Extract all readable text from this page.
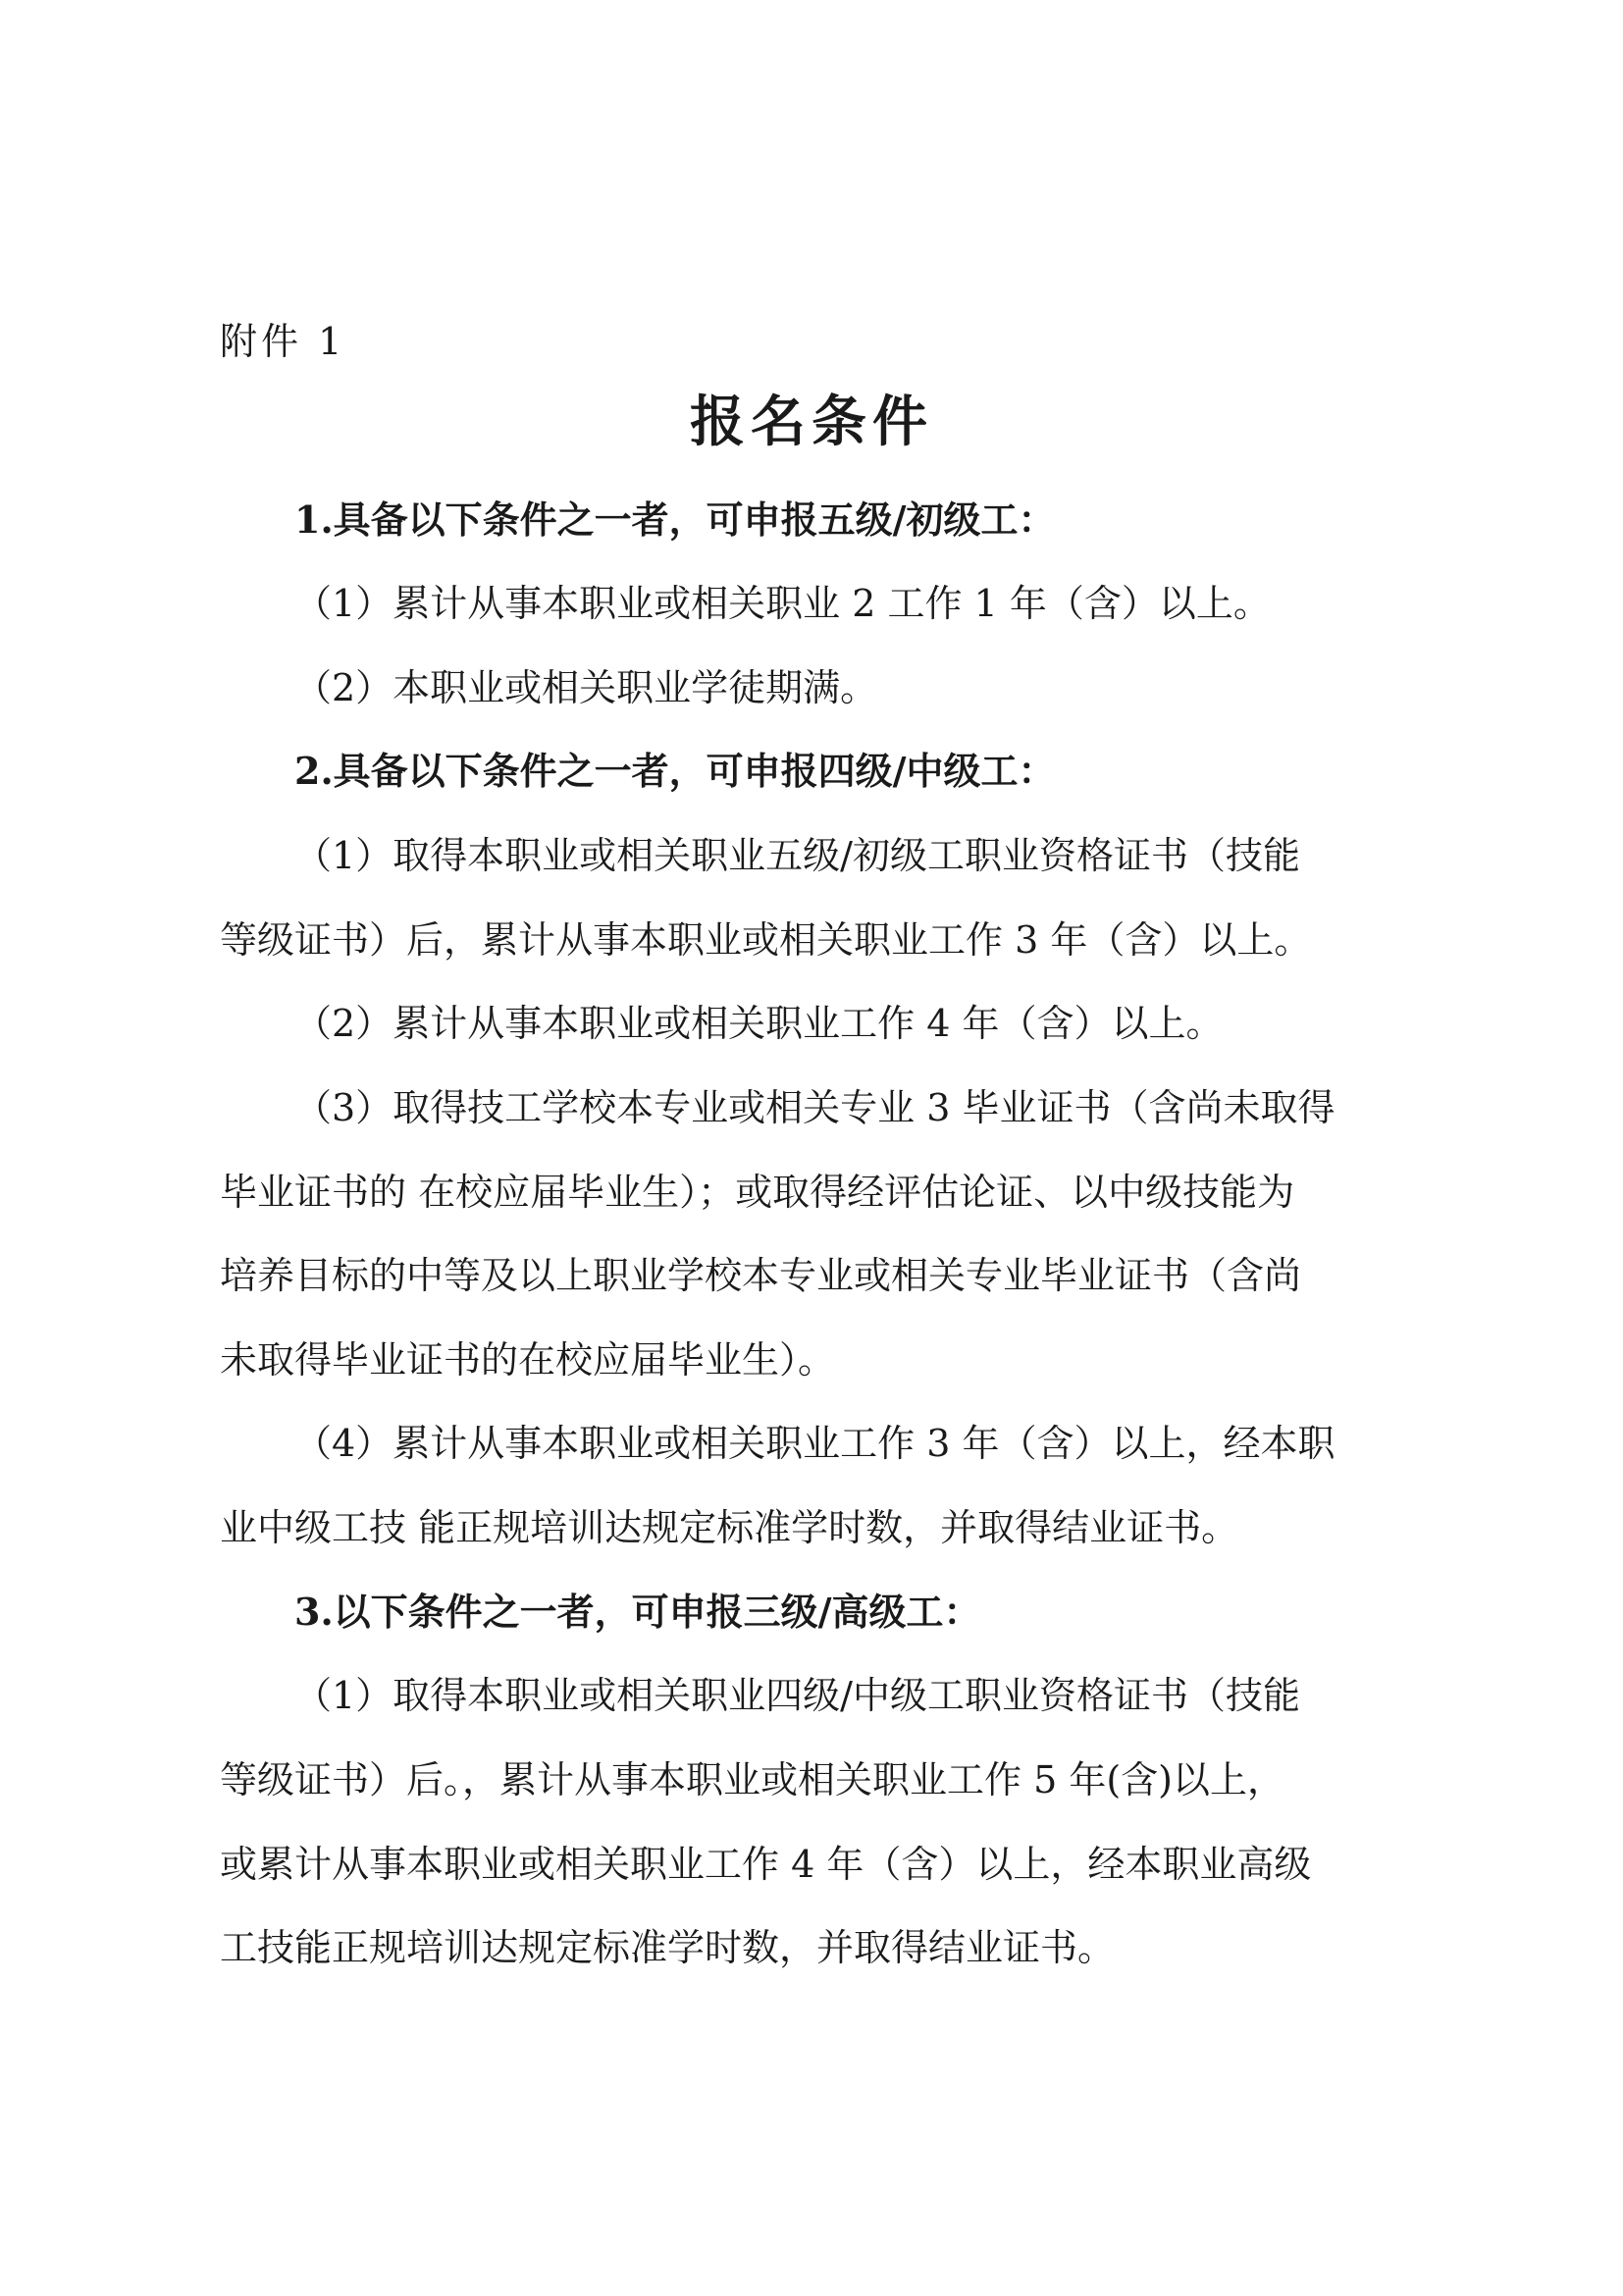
附件 1
报名条件
1.具备以下条件之一者，可申报五级/初级工：
（1）累计从事本职业或相关职业 2 工作 1 年（含）以上。
（2）本职业或相关职业学徒期满。
2.具备以下条件之一者，可申报四级/中级工：
（1）取得本职业或相关职业五级/初级工职业资格证书（技能
等级证书）后，累计从事本职业或相关职业工作 3 年（含）以上。
（2）累计从事本职业或相关职业工作 4 年（含）以上。
（3）取得技工学校本专业或相关专业 3 毕业证书（含尚未取得
毕业证书的 在校应届毕业生）；或取得经评估论证、以中级技能为
培养目标的中等及以上职业学校本专业或相关专业毕业证书（含尚
未取得毕业证书的在校应届毕业生）。
（4）累计从事本职业或相关职业工作 3 年（含）以上，经本职
业中级工技 能正规培训达规定标准学时数，并取得结业证书。
3.以下条件之一者，可申报三级/高级工：
（1）取得本职业或相关职业四级/中级工职业资格证书（技能
等级证书）后。，累计从事本职业或相关职业工作 5 年(含)以上，
或累计从事本职业或相关职业工作 4 年（含）以上，经本职业高级
工技能正规培训达规定标准学时数，并取得结业证书。
